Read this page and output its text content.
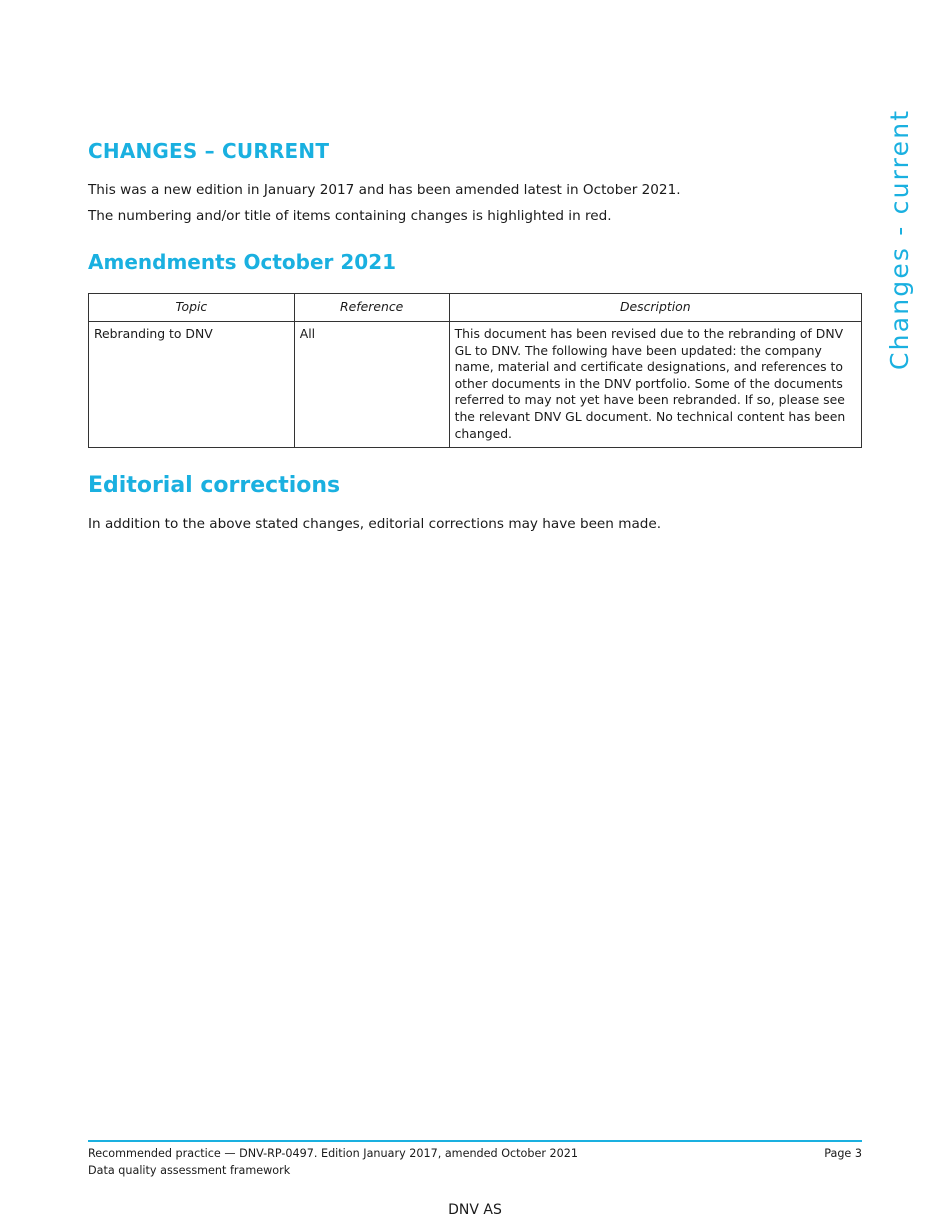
CHANGES – CURRENT

This was a new edition in January 2017 and has been amended latest in October 2021.

The numbering and/or title of items containing changes is highlighted in red.

Amendments October 2021
Topic	Reference	Description
Rebranding to DNV	All	This document has been revised due to the rebranding of DNV GL to DNV. The following have been updated: the company name, material and certificate designations, and references to other documents in the DNV portfolio. Some of the documents referred to may not yet have been rebranded. If so, please see the relevant DNV GL document. No technical content has been changed.
Editorial corrections

In addition to the above stated changes, editorial corrections may have been made.

Changes - current

Recommended practice — DNV-RP-0497. Edition January 2017, amended October 2021

Data quality assessment framework

Page 3
DNV AS
